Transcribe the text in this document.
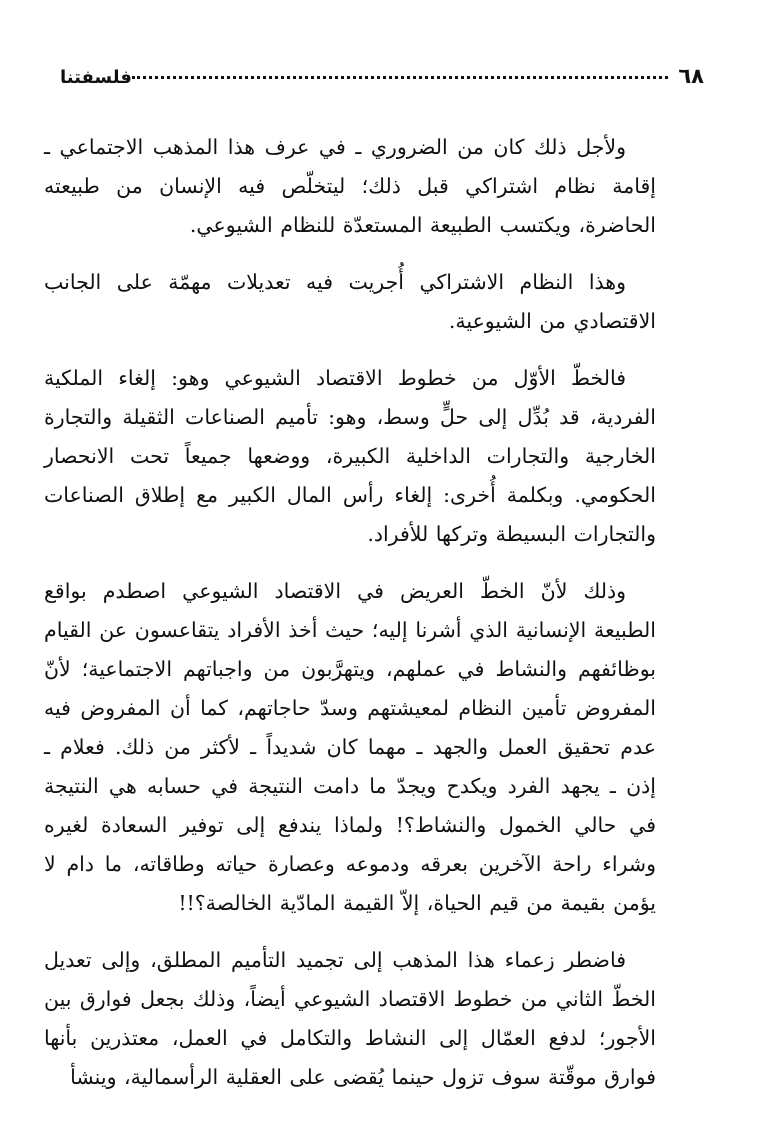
٦٨
فلسفتنا

ولأجل ذلك كان من الضروري ـ في عرف هذا المذهب الاجتماعي ـ إقامة نظام اشتراكي قبل ذلك؛ ليتخلّص فيه الإنسان من طبيعته الحاضرة، ويكتسب الطبيعة المستعدّة للنظام الشيوعي.

وهذا النظام الاشتراكي أُجريت فيه تعديلات مهمّة على الجانب الاقتصادي من الشيوعية.

فالخطّ الأوّل من خطوط الاقتصاد الشيوعي وهو: إلغاء الملكية الفردية، قد بُدِّل إلى حلٍّ وسط، وهو: تأميم الصناعات الثقيلة والتجارة الخارجية والتجارات الداخلية الكبيرة، ووضعها جميعاً تحت الانحصار الحكومي. وبكلمة أُخرى: إلغاء رأس المال الكبير مع إطلاق الصناعات والتجارات البسيطة وتركها للأفراد.

وذلك لأنّ الخطّ العريض في الاقتصاد الشيوعي اصطدم بواقع الطبيعة الإنسانية الذي أشرنا إليه؛ حيث أخذ الأفراد يتقاعسون عن القيام بوظائفهم والنشاط في عملهم، ويتهرَّبون من واجباتهم الاجتماعية؛ لأنّ المفروض تأمين النظام لمعيشتهم وسدّ حاجاتهم، كما أن المفروض فيه عدم تحقيق العمل والجهد ـ مهما كان شديداً ـ لأكثر من ذلك. فعلام ـ إذن ـ يجهد الفرد ويكدح ويجدّ ما دامت النتيجة في حسابه هي النتيجة في حالي الخمول والنشاط؟! ولماذا يندفع إلى توفير السعادة لغيره وشراء راحة الآخرين بعرقه ودموعه وعصارة حياته وطاقاته، ما دام لا يؤمن بقيمة من قيم الحياة، إلاّ القيمة المادّية الخالصة؟!!

فاضطر زعماء هذا المذهب إلى تجميد التأميم المطلق، وإلى تعديل الخطّ الثاني من خطوط الاقتصاد الشيوعي أيضاً، وذلك بجعل فوارق بين الأجور؛ لدفع العمّال إلى النشاط والتكامل في العمل، معتذرين بأنها فوارق موقّتة سوف تزول حينما يُقضى على العقلية الرأسمالية، وينشأ
